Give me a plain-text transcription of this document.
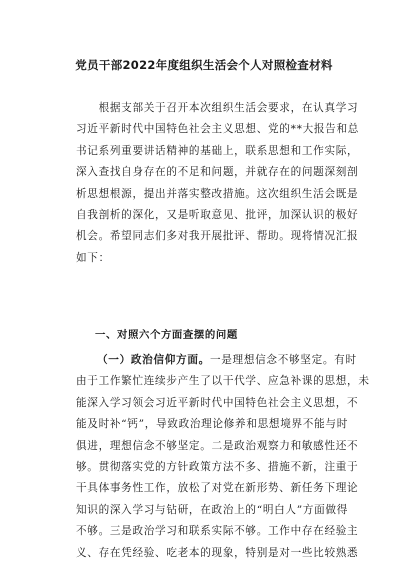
党员干部2022年度组织生活会个人对照检查材料
　　根据支部关于召开本次组织生活会要求，在认真学习
习近平新时代中国特色社会主义思想、党的**大报告和总
书记系列重要讲话精神的基础上，联系思想和工作实际，
深入查找自身存在的不足和问题，并就存在的问题深刻剖
析思想根源，提出并落实整改措施。这次组织生活会既是
自我剖析的深化，又是听取意见、批评，加深认识的极好
机会。希望同志们多对我开展批评、帮助。现将情况汇报
如下：
一、对照六个方面查摆的问题
（一）政治信仰方面。一是理想信念不够坚定。有时
由于工作繁忙连续步产生了以干代学、应急补课的思想，未
能深入学习领会习近平新时代中国特色社会主义思想，不
能及时补“钙”，导致政治理论修养和思想境界不能与时
俱进，理想信念不够坚定。二是政治观察力和敏感性还不
够。贯彻落实党的方针政策方法不多、措施不新，注重于
干具体事务性工作，放松了对党在新形势、新任务下理论
知识的深入学习与钻研，在政治上的“明白人”方面做得
不够。三是政治学习和联系实际不够。工作中存在经验主
义、存在凭经验、吃老本的现象，特别是对一些比较熟悉
